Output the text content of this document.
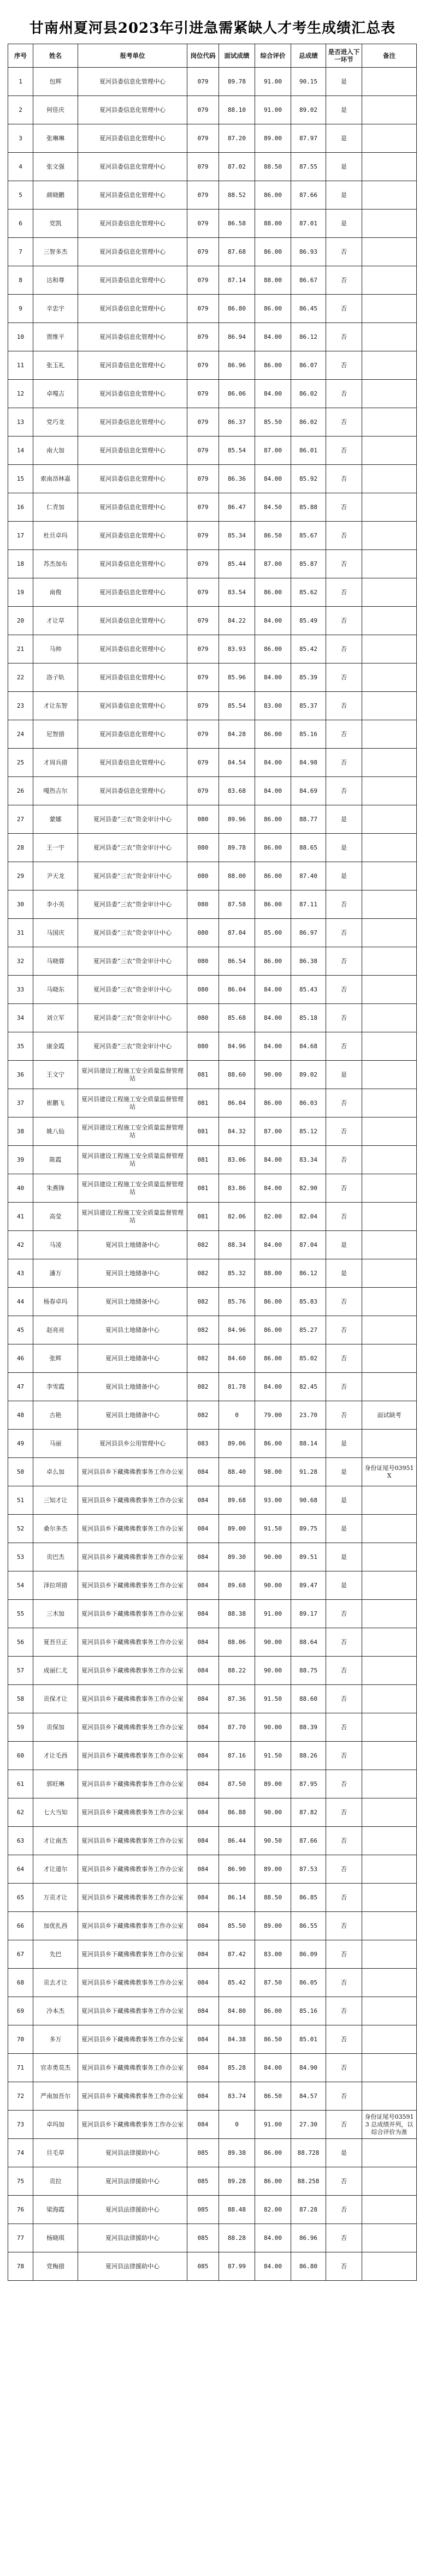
甘南州夏河县2023年引进急需紧缺人才考生成绩汇总表
序号	姓名	报考单位	岗位代码	面试成绩	综合评价	总成绩	是否进入下一环节	备注
1	包辉	夏河县委信息化管理中心	079	89.78	91.00	90.15	是	
2	何佳庆	夏河县委信息化管理中心	079	88.10	91.00	89.02	是	
3	张琳琳	夏河县委信息化管理中心	079	87.20	89.00	87.97	是	
4	张文强	夏河县委信息化管理中心	079	87.02	88.50	87.55	是	
5	颜晓鹏	夏河县委信息化管理中心	079	88.52	86.00	87.66	是	
6	党凯	夏河县委信息化管理中心	079	86.58	88.00	87.01	是	
7	三智多杰	夏河县委信息化管理中心	079	87.68	86.00	86.93	否	
8	达和尊	夏河县委信息化管理中心	079	87.14	88.00	86.67	否	
9	辛忠宇	夏河县委信息化管理中心	079	86.80	86.00	86.45	否	
10	贾维平	夏河县委信息化管理中心	079	86.94	84.00	86.12	否	
11	张玉礼	夏河县委信息化管理中心	079	86.96	86.00	86.07	否	
12	卓嘎吉	夏河县委信息化管理中心	079	86.06	84.00	86.02	否	
13	党巧龙	夏河县委信息化管理中心	079	86.37	85.50	86.02	否	
14	南大加	夏河县委信息化管理中心	079	85.54	87.00	86.01	否	
15	索南昂林嘉	夏河县委信息化管理中心	079	86.36	84.00	85.92	否	
16	仁青加	夏河县委信息化管理中心	079	86.47	84.50	85.88	否	
17	杜旦卓玛	夏河县委信息化管理中心	079	85.34	86.50	85.67	否	
18	苏杰加布	夏河县委信息化管理中心	079	85.44	87.00	85.87	否	
19	南俊	夏河县委信息化管理中心	079	83.54	86.00	85.62	否	
20	才让草	夏河县委信息化管理中心	079	84.22	84.00	85.49	否	
21	马帅	夏河县委信息化管理中心	079	83.93	86.00	85.42	否	
22	洛子轨	夏河县委信息化管理中心	079	85.96	84.00	85.39	否	
23	才让东智	夏河县委信息化管理中心	079	85.54	83.00	85.37	否	
24	尼智措	夏河县委信息化管理中心	079	84.28	86.00	85.16	否	
25	才周兵措	夏河县委信息化管理中心	079	84.54	84.00	84.98	否	
26	嘎热吉尔	夏河县委信息化管理中心	079	83.68	84.00	84.69	否	
27	蒙娜	夏河县委“三农”资金审计中心	080	89.96	86.00	88.77	是	
28	王一宇	夏河县委“三农”资金审计中心	080	89.78	86.00	88.65	是	
29	尹天龙	夏河县委“三农”资金审计中心	080	88.00	86.00	87.40	是	
30	李小英	夏河县委“三农”资金审计中心	080	87.58	86.00	87.11	否	
31	马国庆	夏河县委“三农”资金审计中心	080	87.04	85.00	86.97	否	
32	马晓蓉	夏河县委“三农”资金审计中心	080	86.54	86.00	86.38	否	
33	马晓东	夏河县委“三农”资金审计中心	080	86.04	84.00	85.43	否	
34	刘立军	夏河县委“三农”资金审计中心	080	85.68	84.00	85.18	否	
35	康金霞	夏河县委“三农”资金审计中心	080	84.96	84.00	84.68	否	
36	王文宁	夏河县建设工程施工安全质量监督管理站	081	88.60	90.00	89.02	是	
37	崔鹏飞	夏河县建设工程施工安全质量监督管理站	081	86.04	86.00	86.03	否	
38	姚八仙	夏河县建设工程施工安全质量监督管理站	081	84.32	87.00	85.12	否	
39	陈霞	夏河县建设工程施工安全质量监督管理站	081	83.06	84.00	83.34	否	
40	朱燕锋	夏河县建设工程施工安全质量监督管理站	081	83.86	84.00	82.90	否	
41	高莹	夏河县建设工程施工安全质量监督管理站	081	82.06	82.00	82.04	否	
42	马凌	夏河县土地储备中心	082	88.34	84.00	87.04	是	
43	潘万	夏河县土地储备中心	082	85.32	88.00	86.12	是	
44	杨春卓玛	夏河县土地储备中心	082	85.76	86.00	85.83	否	
45	赵亮亮	夏河县土地储备中心	082	84.96	86.00	85.27	否	
46	张辉	夏河县土地储备中心	082	84.60	86.00	85.02	否	
47	李雪霞	夏河县土地储备中心	082	81.78	84.00	82.45	否	
48	古艳	夏河县土地储备中心	082	0	79.00	23.70	否	面试缺考
49	马丽	夏河县县乡公用管理中心	083	89.06	86.00	88.14	是	
50	卓么加	夏河县县乡下藏佛佛教事务工作办公室	084	88.40	98.00	91.28	是	身份证尾号03951X
51	三知才让	夏河县县乡下藏佛佛教事务工作办公室	084	89.68	93.00	90.68	是	
52	桑尔多杰	夏河县县乡下藏佛佛教事务工作办公室	084	89.00	91.50	89.75	是	
53	贡巴杰	夏河县县乡下藏佛佛教事务工作办公室	084	89.30	90.00	89.51	是	
54	泽拉项措	夏河县县乡下藏佛佛教事务工作办公室	084	89.68	90.00	89.47	是	
55	三木加	夏河县县乡下藏佛佛教事务工作办公室	084	88.38	91.00	89.17	否	
56	夏吾旦正	夏河县县乡下藏佛佛教事务工作办公室	084	88.06	90.00	88.64	否	
57	成丽仁尤	夏河县县乡下藏佛佛教事务工作办公室	084	88.22	90.00	88.75	否	
58	贡保才让	夏河县县乡下藏佛佛教事务工作办公室	084	87.36	91.50	88.60	否	
59	贡保加	夏河县县乡下藏佛佛教事务工作办公室	084	87.70	90.00	88.39	否	
60	才让毛西	夏河县县乡下藏佛佛教事务工作办公室	084	87.16	91.50	88.26	否	
61	郭旺琳	夏河县县乡下藏佛佛教事务工作办公室	084	87.50	89.00	87.95	否	
62	七大当知	夏河县县乡下藏佛佛教事务工作办公室	084	86.88	90.00	87.82	否	
63	才让南杰	夏河县县乡下藏佛佛教事务工作办公室	084	86.44	90.50	87.66	否	
64	才让道尔	夏河县县乡下藏佛佛教事务工作办公室	084	86.90	89.00	87.53	否	
65	万贡才让	夏河县县乡下藏佛佛教事务工作办公室	084	86.14	88.50	86.85	否	
66	加优扎西	夏河县县乡下藏佛佛教事务工作办公室	084	85.50	89.00	86.55	否	
67	先巴	夏河县县乡下藏佛佛教事务工作办公室	084	87.42	83.00	86.09	否	
68	贡去才让	夏河县县乡下藏佛佛教事务工作办公室	084	85.42	87.50	86.05	否	
69	冷本杰	夏河县县乡下藏佛佛教事务工作办公室	084	84.80	86.00	85.16	否	
70	多万	夏河县县乡下藏佛佛教事务工作办公室	084	84.38	86.50	85.01	否	
71	官赤勇莫杰	夏河县县乡下藏佛佛教事务工作办公室	084	85.28	84.00	84.90	否	
72	严南加吾尔	夏河县县乡下藏佛佛教事务工作办公室	084	83.74	86.50	84.57	否	
73	卓玛加	夏河县县乡下藏佛佛教事务工作办公室	084	0	91.00	27.30	否	身份证尾号035913 总成绩并列，以综合评价为准
74	旦毛草	夏河县法律援助中心	085	89.38	86.00	88.728	是	
75	贡拉	夏河县法律援助中心	085	89.28	86.00	88.258	否	
76	梁海霞	夏河县法律援助中心	085	88.48	82.00	87.28	否	
77	杨晓琪	夏河县法律援助中心	085	88.28	84.00	86.96	否	
78	党梅措	夏河县法律援助中心	085	87.99	84.00	86.80	否	
